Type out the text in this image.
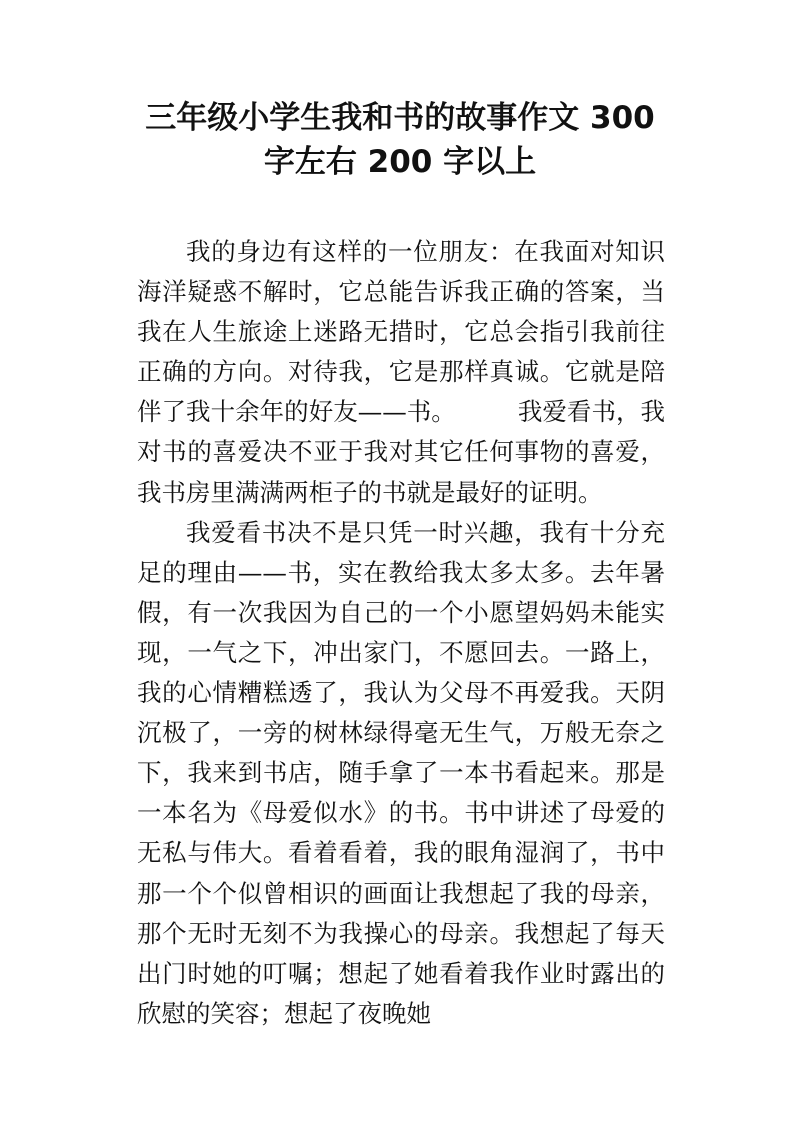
三年级小学生我和书的故事作文 300
字左右 200 字以上

我的身边有这样的一位朋友：在我面对知识海洋疑惑不解时，它总能告诉我正确的答案，当我在人生旅途上迷路无措时，它总会指引我前往正确的方向。对待我，它是那样真诚。它就是陪伴了我十余年的好友——书。	我爱看书，我对书的喜爱决不亚于我对其它任何事物的喜爱，我书房里满满两柜子的书就是最好的证明。

我爱看书决不是只凭一时兴趣，我有十分充足的理由——书，实在教给我太多太多。去年暑假，有一次我因为自己的一个小愿望妈妈未能实现，一气之下，冲出家门，不愿回去。一路上，我的心情糟糕透了，我认为父母不再爱我。天阴沉极了，一旁的树林绿得毫无生气，万般无奈之下，我来到书店，随手拿了一本书看起来。那是一本名为《母爱似水》的书。书中讲述了母爱的无私与伟大。看着看着，我的眼角湿润了，书中那一个个似曾相识的画面让我想起了我的母亲，那个无时无刻不为我操心的母亲。我想起了每天出门时她的叮嘱；想起了她看着我作业时露出的欣慰的笑容；想起了夜晚她
